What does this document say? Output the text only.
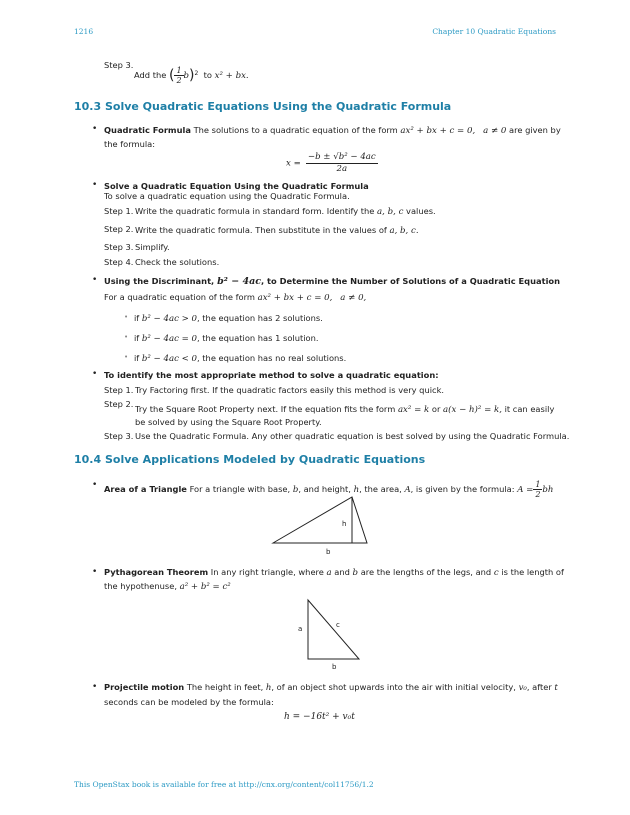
1216	Chapter 10 Quadratic Equations
Step 3.
Add the ( $\frac{1}{2} b)^2$ to x² + bx.
10.3 Solve Quadratic Equations Using the Quadratic Formula
• Quadratic Formula The solutions to a quadratic equation of the form ax² + bx + c = 0, a ≠ 0 are given by
the formula:
$x = \frac{\text{−b ± √b² − 4ac}}{2a}$
• Solve a Quadratic Equation Using the Quadratic Formula
To solve a quadratic equation using the Quadratic Formula.
Step 1. Write the quadratic formula in standard form. Identify the a, b, c values.
Step 2. Write the quadratic formula. Then substitute in the values of a, b, c.
Step 3. Simplify.
Step 4. Check the solutions.
• Using the Discriminant, b² − 4ac, to Determine the Number of Solutions of a Quadratic Equation
For a quadratic equation of the form ax² + bx + c = 0, a ≠ 0,
• if b² − 4ac > 0, the equation has 2 solutions.
• if b² − 4ac = 0, the equation has 1 solution.
• if b² − 4ac < 0, the equation has no real solutions.
• To identify the most appropriate method to solve a quadratic equation:
Step 1. Try Factoring first. If the quadratic factors easily this method is very quick.
Step 2. Try the Square Root Property next. If the equation fits the form ax² = k or a(x − h)² = k, it can easily
be solved by using the Square Root Property.
Step 3. Use the Quadratic Formula. Any other quadratic equation is best solved by using the Quadratic Formula.
10.4 Solve Applications Modeled by Quadratic Equations
• Area of a Triangle For a triangle with base, b, and height, h, the area, A, is given by the formula: $A = \frac{1}{2}$ bh
h
b
• Pythagorean Theorem In any right triangle, where a and b are the lengths of the legs, and c is the length of
the hypothenuse, a² + b² = c²
a	c
b
• Projectile motion The height in feet, h, of an object shot upwards into the air with initial velocity, v₀, after t
seconds can be modeled by the formula:
h = −16t² + v₀t
This OpenStax book is available for free at http://cnx.org/content/col11756/1.2
